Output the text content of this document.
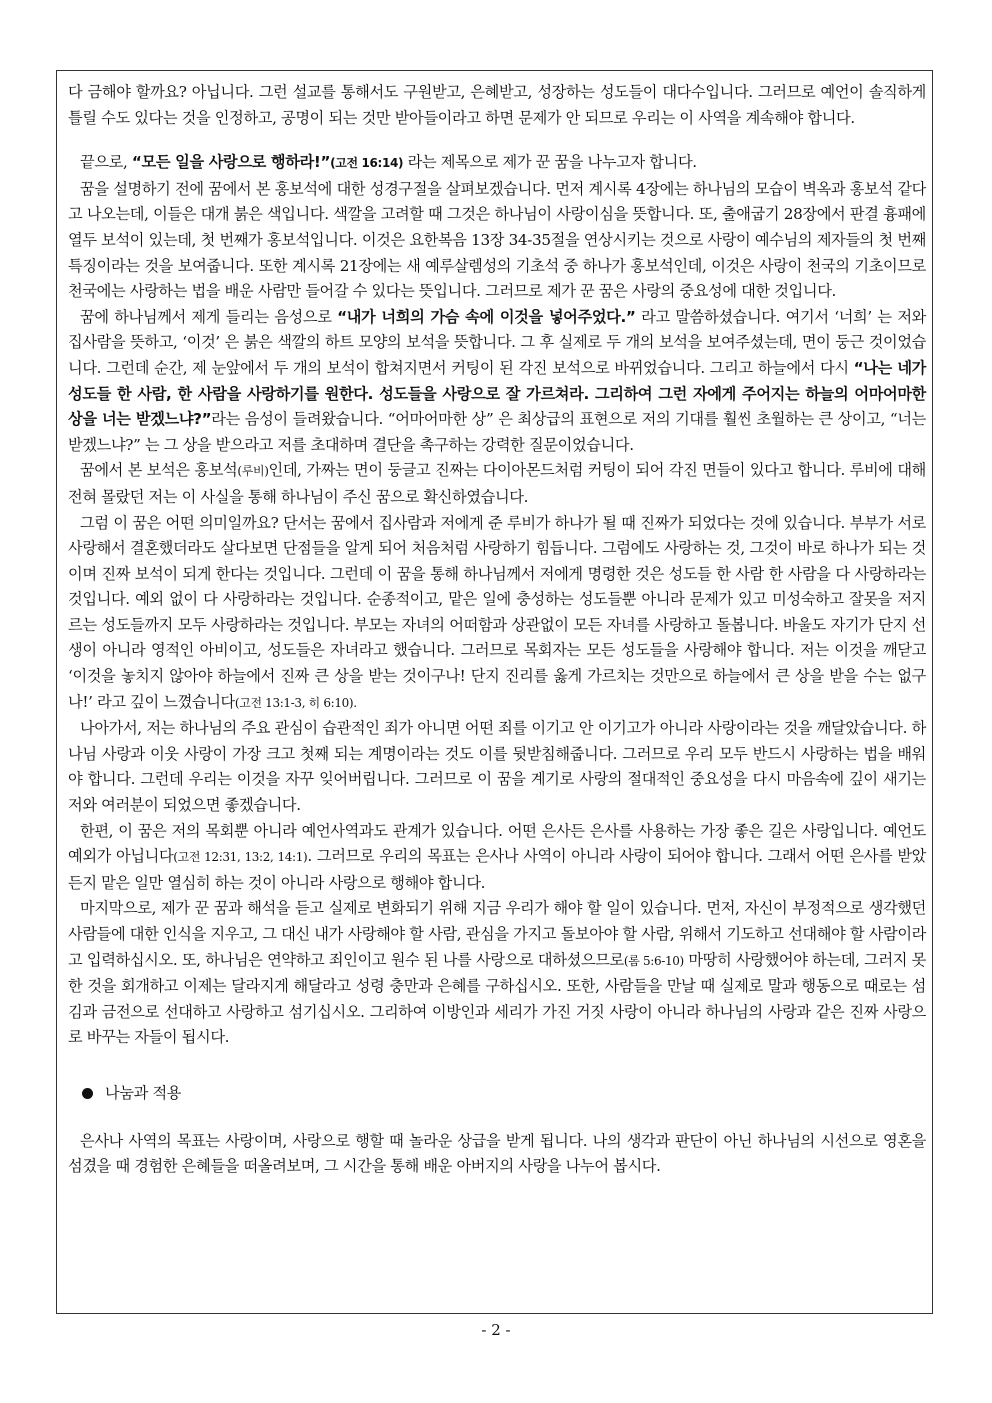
다 금해야 할까요? 아닙니다. 그런 설교를 통해서도 구원받고, 은혜받고, 성장하는 성도들이 대다수입니다. 그러므로 예언이 솔직하게 틀릴 수도 있다는 것을 인정하고, 공명이 되는 것만 받아들이라고 하면 문제가 안 되므로 우리는 이 사역을 계속해야 합니다.

끝으로, “모든 일을 사랑으로 행하라!”(고전 16:14) 라는 제목으로 제가 꾼 꿈을 나누고자 합니다.

꿈을 설명하기 전에 꿈에서 본 홍보석에 대한 성경구절을 살펴보겠습니다. 먼저 계시록 4장에는 하나님의 모습이 벽옥과 홍보석 같다고 나오는데, 이들은 대개 붉은 색입니다. 색깔을 고려할 때 그것은 하나님이 사랑이심을 뜻합니다. 또, 출애굽기 28장에서 판결 흉패에 열두 보석이 있는데, 첫 번째가 홍보석입니다. 이것은 요한복음 13장 34-35절을 연상시키는 것으로 사랑이 예수님의 제자들의 첫 번째 특징이라는 것을 보여줍니다. 또한 계시록 21장에는 새 예루살렘성의 기초석 중 하나가 홍보석인데, 이것은 사랑이 천국의 기초이므로 천국에는 사랑하는 법을 배운 사람만 들어갈 수 있다는 뜻입니다. 그러므로 제가 꾼 꿈은 사랑의 중요성에 대한 것입니다.

꿈에 하나님께서 제게 들리는 음성으로 “내가 너희의 가슴 속에 이것을 넣어주었다.” 라고 말씀하셨습니다. 여기서 ‘너희’ 는 저와 집사람을 뜻하고, ‘이것’ 은 붉은 색깔의 하트 모양의 보석을 뜻합니다. 그 후 실제로 두 개의 보석을 보여주셨는데, 면이 둥근 것이었습니다. 그런데 순간, 제 눈앞에서 두 개의 보석이 합쳐지면서 커팅이 된 각진 보석으로 바뀌었습니다. 그리고 하늘에서 다시 “나는 네가 성도들 한 사람, 한 사람을 사랑하기를 원한다. 성도들을 사랑으로 잘 가르쳐라. 그리하여 그런 자에게 주어지는 하늘의 어마어마한 상을 너는 받겠느냐?”라는 음성이 들려왔습니다. “어마어마한 상” 은 최상급의 표현으로 저의 기대를 훨씬 초월하는 큰 상이고, “너는 받겠느냐?” 는 그 상을 받으라고 저를 초대하며 결단을 촉구하는 강력한 질문이었습니다.

꿈에서 본 보석은 홍보석(루비)인데, 가짜는 면이 둥글고 진짜는 다이아몬드처럼 커팅이 되어 각진 면들이 있다고 합니다. 루비에 대해 전혀 몰랐던 저는 이 사실을 통해 하나님이 주신 꿈으로 확신하였습니다.

그럼 이 꿈은 어떤 의미일까요? 단서는 꿈에서 집사람과 저에게 준 루비가 하나가 될 때 진짜가 되었다는 것에 있습니다. 부부가 서로 사랑해서 결혼했더라도 살다보면 단점들을 알게 되어 처음처럼 사랑하기 힘듭니다. 그럼에도 사랑하는 것, 그것이 바로 하나가 되는 것이며 진짜 보석이 되게 한다는 것입니다. 그런데 이 꿈을 통해 하나님께서 저에게 명령한 것은 성도들 한 사람 한 사람을 다 사랑하라는 것입니다. 예외 없이 다 사랑하라는 것입니다. 순종적이고, 맡은 일에 충성하는 성도들뿐 아니라 문제가 있고 미성숙하고 잘못을 저지르는 성도들까지 모두 사랑하라는 것입니다. 부모는 자녀의 어떠함과 상관없이 모든 자녀를 사랑하고 돌봅니다. 바울도 자기가 단지 선생이 아니라 영적인 아비이고, 성도들은 자녀라고 했습니다. 그러므로 목회자는 모든 성도들을 사랑해야 합니다. 저는 이것을 깨닫고 ‘이것을 놓치지 않아야 하늘에서 진짜 큰 상을 받는 것이구나! 단지 진리를 옳게 가르치는 것만으로 하늘에서 큰 상을 받을 수는 없구나!’ 라고 깊이 느꼈습니다(고전 13:1-3, 히 6:10).

나아가서, 저는 하나님의 주요 관심이 습관적인 죄가 아니면 어떤 죄를 이기고 안 이기고가 아니라 사랑이라는 것을 깨달았습니다. 하나님 사랑과 이웃 사랑이 가장 크고 첫째 되는 계명이라는 것도 이를 뒷받침해줍니다. 그러므로 우리 모두 반드시 사랑하는 법을 배워야 합니다. 그런데 우리는 이것을 자꾸 잊어버립니다. 그러므로 이 꿈을 계기로 사랑의 절대적인 중요성을 다시 마음속에 깊이 새기는 저와 여러분이 되었으면 좋겠습니다.

한편, 이 꿈은 저의 목회뿐 아니라 예언사역과도 관계가 있습니다. 어떤 은사든 은사를 사용하는 가장 좋은 길은 사랑입니다. 예언도 예외가 아닙니다(고전 12:31, 13:2, 14:1). 그러므로 우리의 목표는 은사나 사역이 아니라 사랑이 되어야 합니다. 그래서 어떤 은사를 받았든지 맡은 일만 열심히 하는 것이 아니라 사랑으로 행해야 합니다.

마지막으로, 제가 꾼 꿈과 해석을 듣고 실제로 변화되기 위해 지금 우리가 해야 할 일이 있습니다. 먼저, 자신이 부정적으로 생각했던 사람들에 대한 인식을 지우고, 그 대신 내가 사랑해야 할 사람, 관심을 가지고 돌보아야 할 사람, 위해서 기도하고 선대해야 할 사람이라고 입력하십시오. 또, 하나님은 연약하고 죄인이고 원수 된 나를 사랑으로 대하셨으므로(롬 5:6-10) 마땅히 사랑했어야 하는데, 그러지 못한 것을 회개하고 이제는 달라지게 해달라고 성령 충만과 은혜를 구하십시오. 또한, 사람들을 만날 때 실제로 말과 행동으로 때로는 섬김과 금전으로 선대하고 사랑하고 섬기십시오. 그리하여 이방인과 세리가 가진 거짓 사랑이 아니라 하나님의 사랑과 같은 진짜 사랑으로 바꾸는 자들이 됩시다.

나눔과 적용

은사나 사역의 목표는 사랑이며, 사랑으로 행할 때 놀라운 상급을 받게 됩니다. 나의 생각과 판단이 아닌 하나님의 시선으로 영혼을 섬겼을 때 경험한 은혜들을 떠올려보며, 그 시간을 통해 배운 아버지의 사랑을 나누어 봅시다.

- 2 -
